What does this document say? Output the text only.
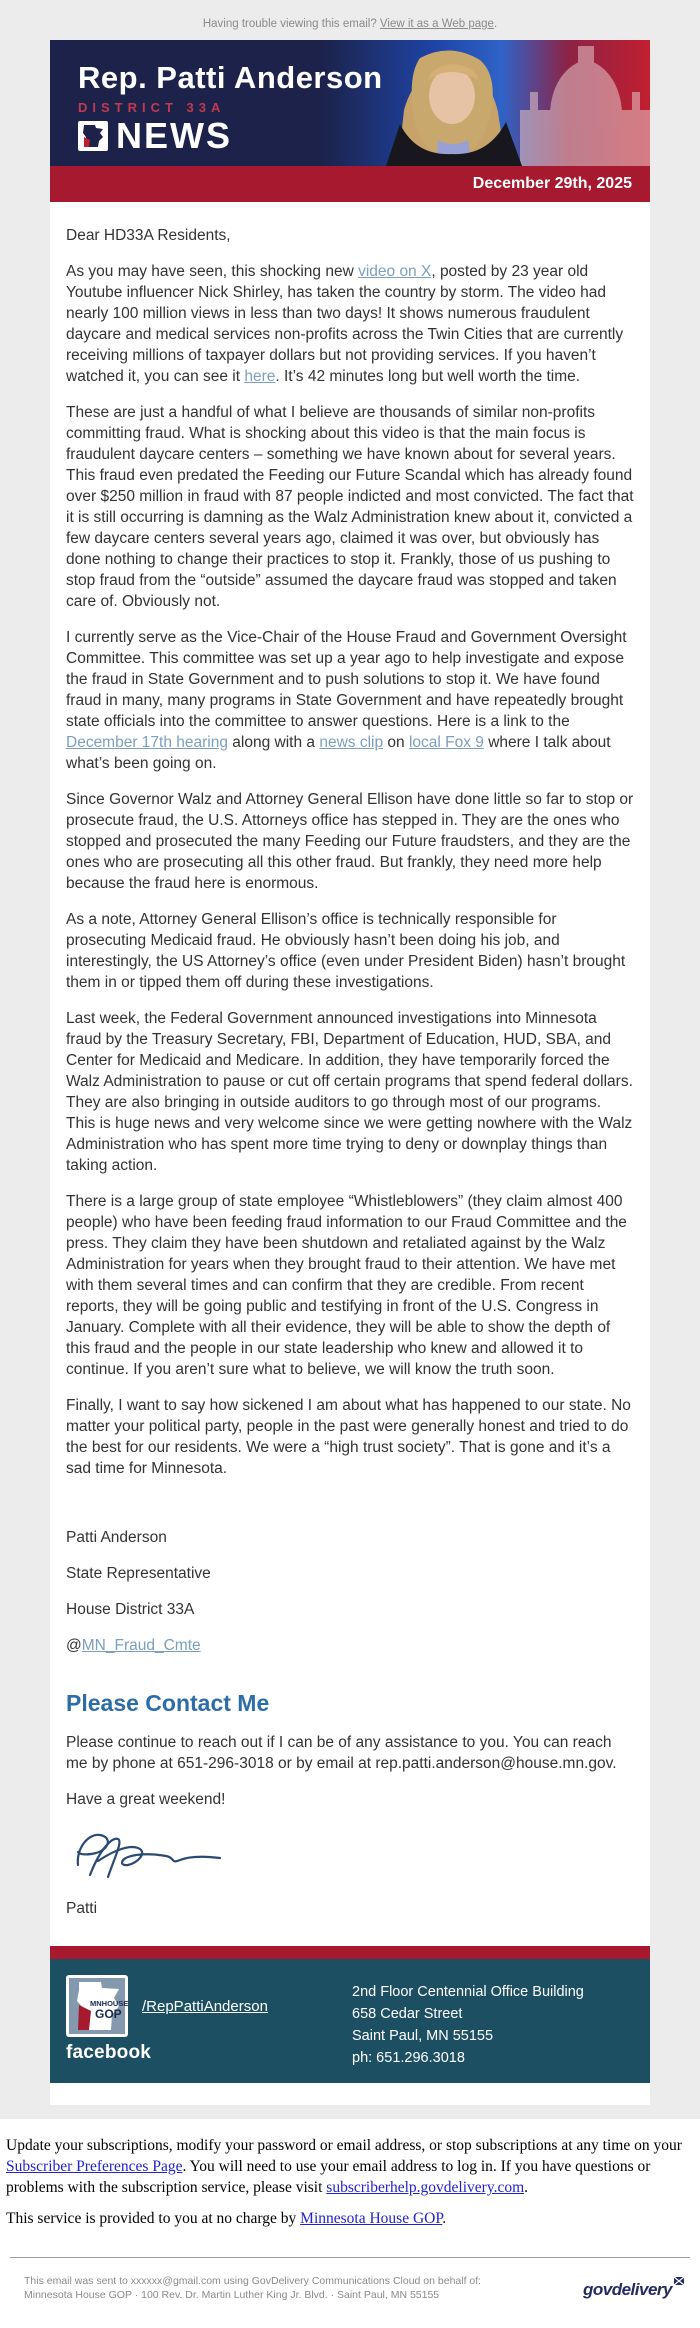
Having trouble viewing this email? View it as a Web page.
Rep. Patti Anderson
DISTRICT 33A
NEWS
December 29th, 2025

Dear HD33A Residents,

As you may have seen, this shocking new video on X, posted by 23 year old Youtube influencer Nick Shirley, has taken the country by storm. The video had nearly 100 million views in less than two days! It shows numerous fraudulent daycare and medical services non-profits across the Twin Cities that are currently receiving millions of taxpayer dollars but not providing services. If you haven’t watched it, you can see it here. It’s 42 minutes long but well worth the time.

These are just a handful of what I believe are thousands of similar non-profits committing fraud. What is shocking about this video is that the main focus is fraudulent daycare centers – something we have known about for several years. This fraud even predated the Feeding our Future Scandal which has already found over $250 million in fraud with 87 people indicted and most convicted. The fact that it is still occurring is damning as the Walz Administration knew about it, convicted a few daycare centers several years ago, claimed it was over, but obviously has done nothing to change their practices to stop it. Frankly, those of us pushing to stop fraud from the “outside” assumed the daycare fraud was stopped and taken care of. Obviously not.

I currently serve as the Vice-Chair of the House Fraud and Government Oversight Committee. This committee was set up a year ago to help investigate and expose the fraud in State Government and to push solutions to stop it. We have found fraud in many, many programs in State Government and have repeatedly brought state officials into the committee to answer questions. Here is a link to the December 17th hearing along with a news clip on local Fox 9 where I talk about what’s been going on.

Since Governor Walz and Attorney General Ellison have done little so far to stop or prosecute fraud, the U.S. Attorneys office has stepped in. They are the ones who stopped and prosecuted the many Feeding our Future fraudsters, and they are the ones who are prosecuting all this other fraud. But frankly, they need more help because the fraud here is enormous.

As a note, Attorney General Ellison’s office is technically responsible for prosecuting Medicaid fraud. He obviously hasn’t been doing his job, and interestingly, the US Attorney’s office (even under President Biden) hasn’t brought them in or tipped them off during these investigations.

Last week, the Federal Government announced investigations into Minnesota fraud by the Treasury Secretary, FBI, Department of Education, HUD, SBA, and Center for Medicaid and Medicare. In addition, they have temporarily forced the Walz Administration to pause or cut off certain programs that spend federal dollars. They are also bringing in outside auditors to go through most of our programs. This is huge news and very welcome since we were getting nowhere with the Walz Administration who has spent more time trying to deny or downplay things than taking action.

There is a large group of state employee “Whistleblowers” (they claim almost 400 people) who have been feeding fraud information to our Fraud Committee and the press. They claim they have been shutdown and retaliated against by the Walz Administration for years when they brought fraud to their attention. We have met with them several times and can confirm that they are credible. From recent reports, they will be going public and testifying in front of the U.S. Congress in January. Complete with all their evidence, they will be able to show the depth of this fraud and the people in our state leadership who knew and allowed it to continue. If you aren’t sure what to believe, we will know the truth soon.

Finally, I want to say how sickened I am about what has happened to our state. No matter your political party, people in the past were generally honest and tried to do the best for our residents. We were a “high trust society”. That is gone and it’s a sad time for Minnesota.

Patti Anderson

State Representative

House District 33A

@MN_Fraud_Cmte

Please Contact Me

Please continue to reach out if I can be of any assistance to you. You can reach me by phone at 651-296-3018 or by email at rep.patti.anderson@house.mn.gov.

Have a great weekend!

Patti

MNHOUSE
GOP /RepPattiAnderson
facebook
2nd Floor Centennial Office Building
658 Cedar Street
Saint Paul, MN 55155
ph: 651.296.3018

Update your subscriptions, modify your password or email address, or stop subscriptions at any time on your Subscriber Preferences Page. You will need to use your email address to log in. If you have questions or problems with the subscription service, please visit subscriberhelp.govdelivery.com.

This service is provided to you at no charge by Minnesota House GOP.

This email was sent to xxxxxx@gmail.com using GovDelivery Communications Cloud on behalf of: Minnesota House GOP · 100 Rev. Dr. Martin Luther King Jr. Blvd. · Saint Paul, MN 55155	govdelivery
